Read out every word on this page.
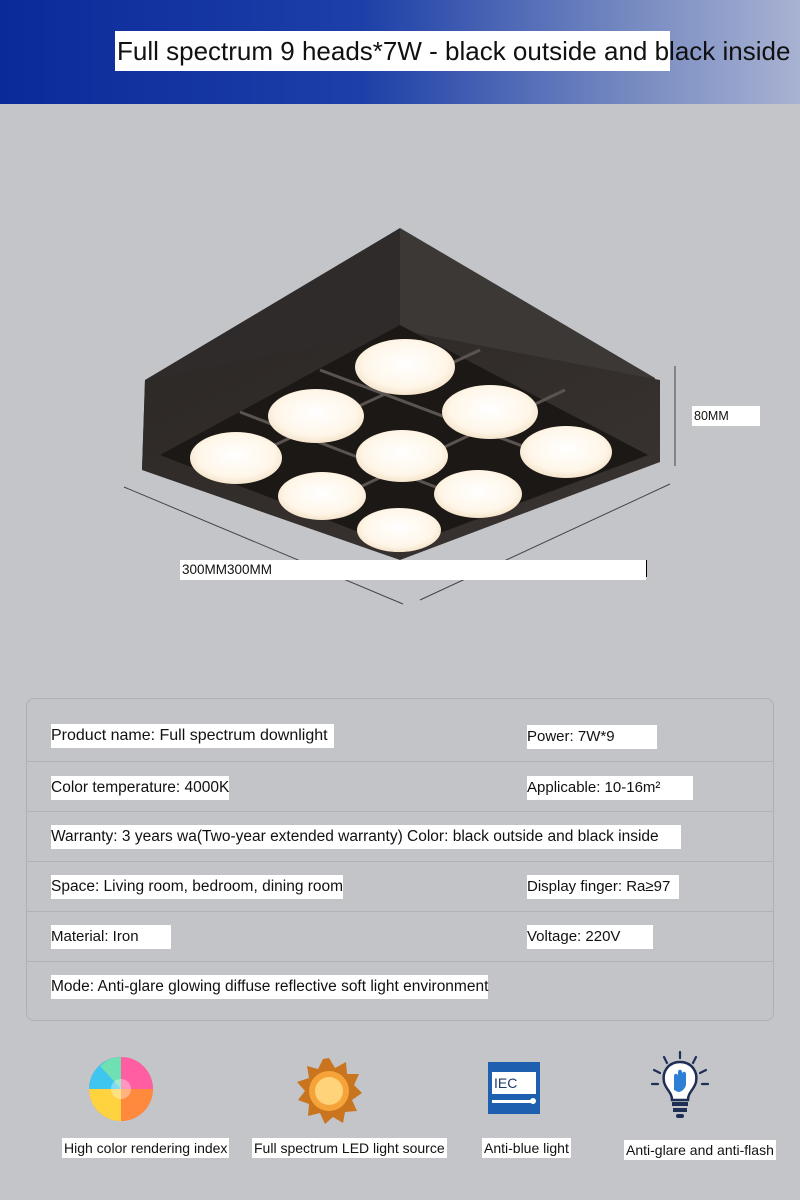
Full spectrum 9 heads*7W - black outside and black inside
80MM
300MM300MM
Product name: Full spectrum downlight	Power: 7W*9
Color temperature: 4000K	Applicable: 10-16m²
Warranty: 3 years wa(Two-year extended warranty) Color: black outside and black inside
Space: Living room, bedroom, dining room	Display finger: Ra≥97
Material: Iron	Voltage: 220V
Mode: Anti-glare glowing diffuse reflective soft light environment
High color rendering index Full spectrum LED light source
IEC
Anti-blue light	Anti-glare and anti-flash
